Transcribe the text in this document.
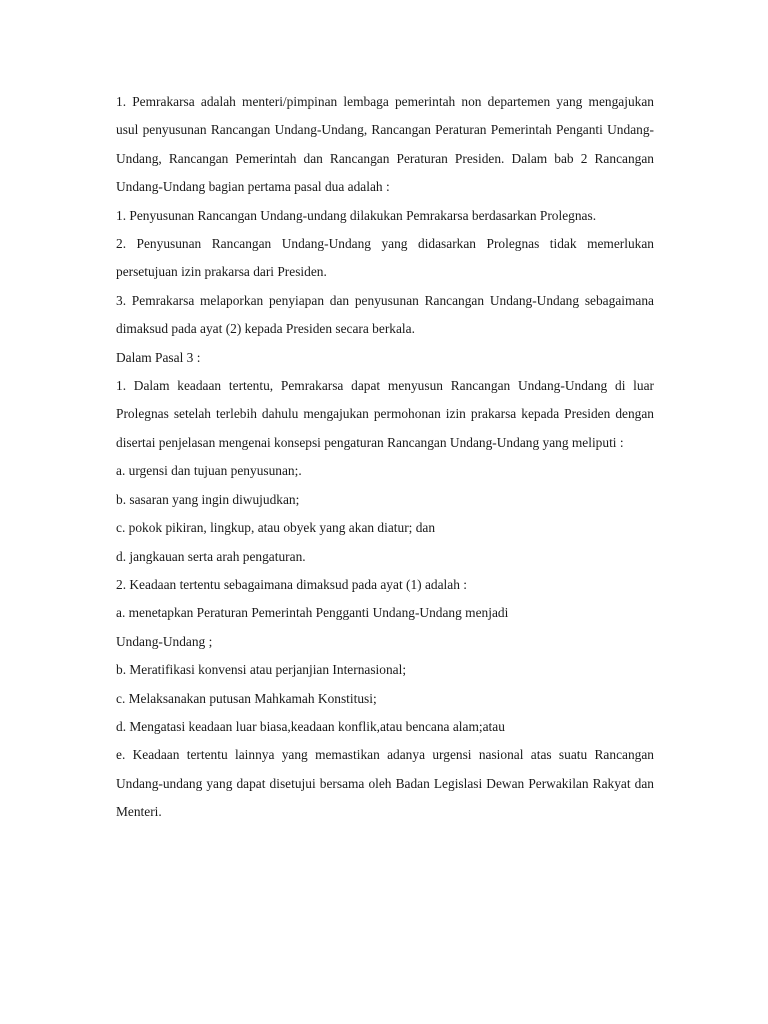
1. Pemrakarsa adalah menteri/pimpinan lembaga pemerintah non departemen yang mengajukan usul penyusunan Rancangan Undang-Undang, Rancangan Peraturan Pemerintah Penganti Undang-Undang, Rancangan Pemerintah dan Rancangan Peraturan Presiden. Dalam bab 2 Rancangan Undang-Undang bagian pertama pasal dua adalah :

1. Penyusunan Rancangan Undang-undang dilakukan Pemrakarsa berdasarkan Prolegnas.

2. Penyusunan Rancangan Undang-Undang yang didasarkan Prolegnas tidak memerlukan persetujuan izin prakarsa dari Presiden.

3. Pemrakarsa melaporkan penyiapan dan penyusunan Rancangan Undang-Undang sebagaimana dimaksud pada ayat (2) kepada Presiden secara berkala.

Dalam Pasal 3 :

1. Dalam keadaan tertentu, Pemrakarsa dapat menyusun Rancangan Undang-Undang di luar Prolegnas setelah terlebih dahulu mengajukan permohonan izin prakarsa kepada Presiden dengan disertai penjelasan mengenai konsepsi pengaturan Rancangan Undang-Undang yang meliputi :

a. urgensi dan tujuan penyusunan;.

b. sasaran yang ingin diwujudkan;

c. pokok pikiran, lingkup, atau obyek yang akan diatur; dan

d. jangkauan serta arah pengaturan.

2. Keadaan tertentu sebagaimana dimaksud pada ayat (1) adalah :

a. menetapkan Peraturan Pemerintah Pengganti Undang-Undang menjadi

Undang-Undang ;

b. Meratifikasi konvensi atau perjanjian Internasional;

c. Melaksanakan putusan Mahkamah Konstitusi;

d. Mengatasi keadaan luar biasa,keadaan konflik,atau bencana alam;atau

e. Keadaan tertentu lainnya yang memastikan adanya urgensi nasional atas suatu Rancangan Undang-undang yang dapat disetujui bersama oleh Badan Legislasi Dewan Perwakilan Rakyat dan Menteri.
